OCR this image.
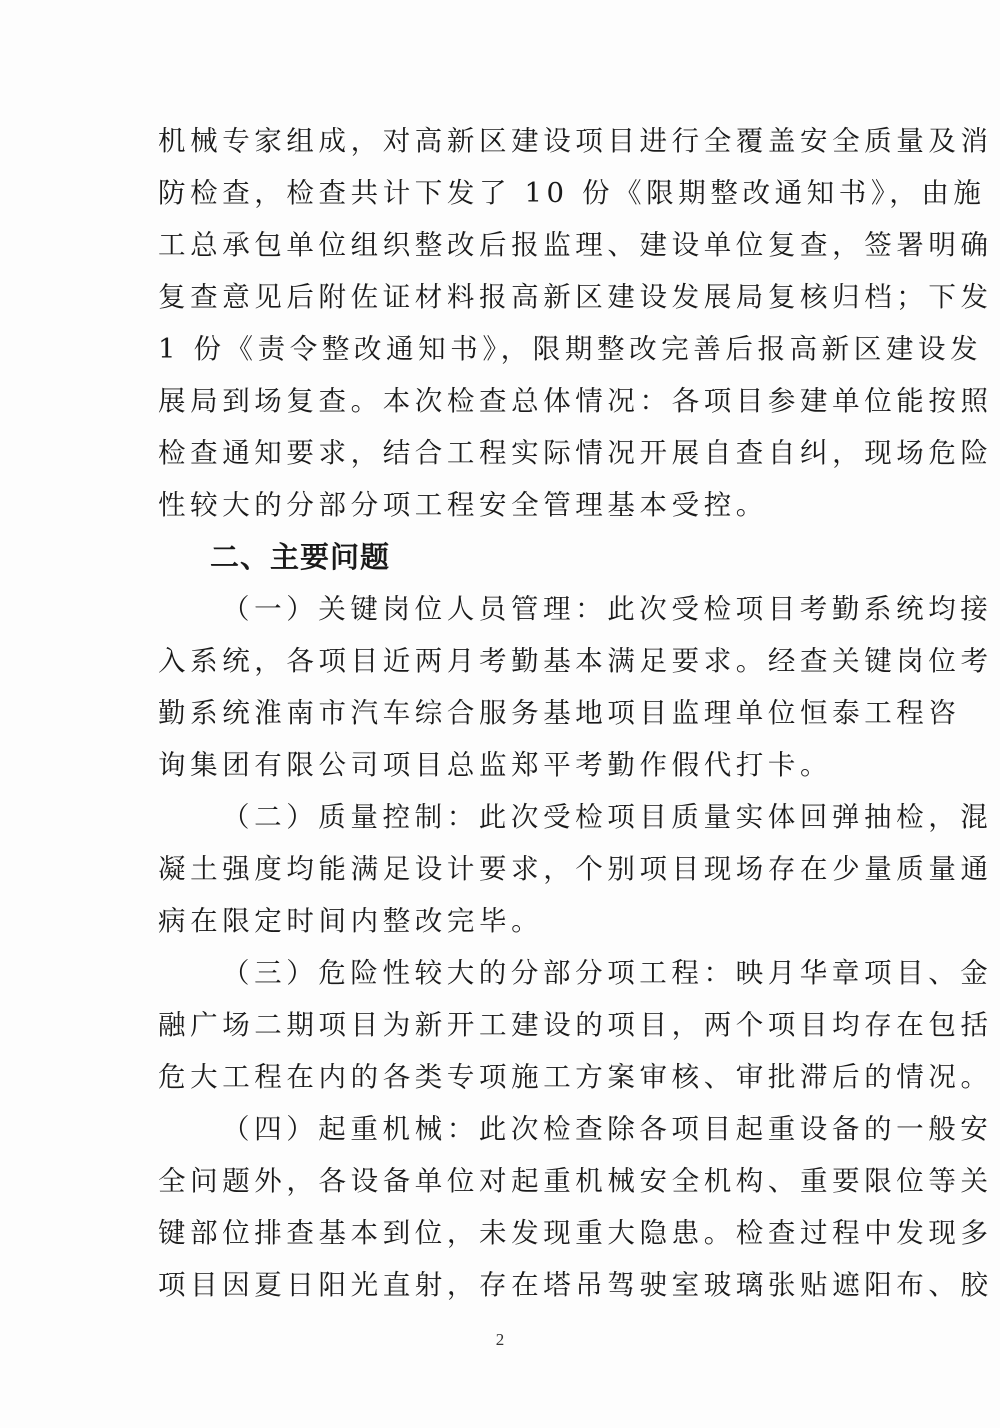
机械专家组成，对高新区建设项目进行全覆盖安全质量及消
防检查，检查共计下发了 10 份《限期整改通知书》，由施
工总承包单位组织整改后报监理、建设单位复查，签署明确
复查意见后附佐证材料报高新区建设发展局复核归档；下发
1 份《责令整改通知书》，限期整改完善后报高新区建设发
展局到场复查。本次检查总体情况：各项目参建单位能按照
检查通知要求，结合工程实际情况开展自查自纠，现场危险
性较大的分部分项工程安全管理基本受控。
二、主要问题
（一）关键岗位人员管理：此次受检项目考勤系统均接
入系统，各项目近两月考勤基本满足要求。经查关键岗位考
勤系统淮南市汽车综合服务基地项目监理单位恒泰工程咨
询集团有限公司项目总监郑平考勤作假代打卡。
（二）质量控制：此次受检项目质量实体回弹抽检，混
凝土强度均能满足设计要求，个别项目现场存在少量质量通
病在限定时间内整改完毕。
（三）危险性较大的分部分项工程：映月华章项目、金
融广场二期项目为新开工建设的项目，两个项目均存在包括
危大工程在内的各类专项施工方案审核、审批滞后的情况。
（四）起重机械：此次检查除各项目起重设备的一般安
全问题外，各设备单位对起重机械安全机构、重要限位等关
键部位排查基本到位，未发现重大隐患。检查过程中发现多
项目因夏日阳光直射，存在塔吊驾驶室玻璃张贴遮阳布、胶
2
